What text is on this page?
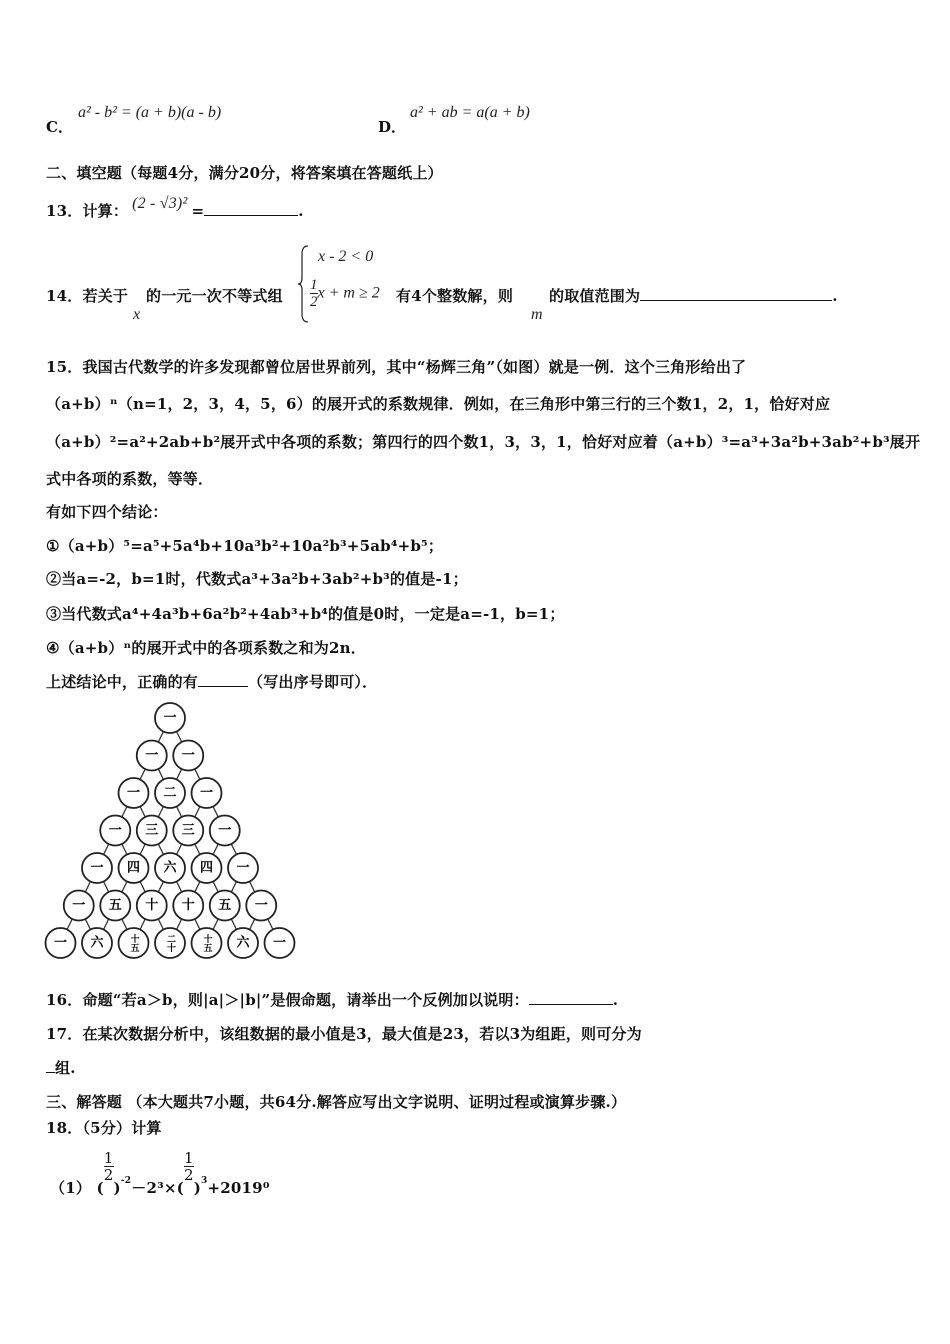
C．
a² - b² = (a + b)(a - b)
D．
a² + ab = a(a + b)
二、填空题（每题4分，满分20分，将答案填在答题纸上）
13．计算： (2 - √3)² =	.
14．若关于
x
的一元一次不等式组
x - 2 < 0
$\frac{1}{2}$ x + m ≥ 2 有4个整数解，则
m
的取值范围为	.
15．我国古代数学的许多发现都曾位居世界前列，其中“杨辉三角”（如图）就是一例．这个三角形给出了
（a+b）ⁿ（n=1，2，3，4，5，6）的展开式的系数规律．例如，在三角形中第三行的三个数1，2，1，恰好对应
（a+b）²=a²+2ab+b²展开式中各项的系数；第四行的四个数1，3，3，1，恰好对应着（a+b）³=a³+3a²b+3ab²+b³展开
式中各项的系数，等等．
有如下四个结论：
①（a+b）⁵=a⁵+5a⁴b+10a³b²+10a²b³+5ab⁴+b⁵；
②当a=-2，b=1时，代数式a³+3a²b+3ab²+b³的值是-1；
③当代数式a⁴+4a³b+6a²b²+4ab³+b⁴的值是0时，一定是a=-1，b=1；
④（a+b）ⁿ的展开式中的各项系数之和为2n．
上述结论中，正确的有	（写出序号即可）．
一
一 一
一 二 一
一 三 三 一
一 四 六 四 一
一 五 十 十 五 一
一 六	十五	二十	十五 六 一
16．命题“若a＞b，则|a|＞|b|”是假命题，请举出一个反例加以说明：	.
17．在某次数据分析中，该组数据的最小值是3，最大值是23，若以3为组距，则可分为
组.
三、解答题 （本大题共7小题，共64分.解答应写出文字说明、证明过程或演算步骤.）
18．（5分）计算
（1） (
$\frac{1}{2}$
)$^{-2}$－2³×(
$\frac{1}{2}$
)$^3$+2019⁰
